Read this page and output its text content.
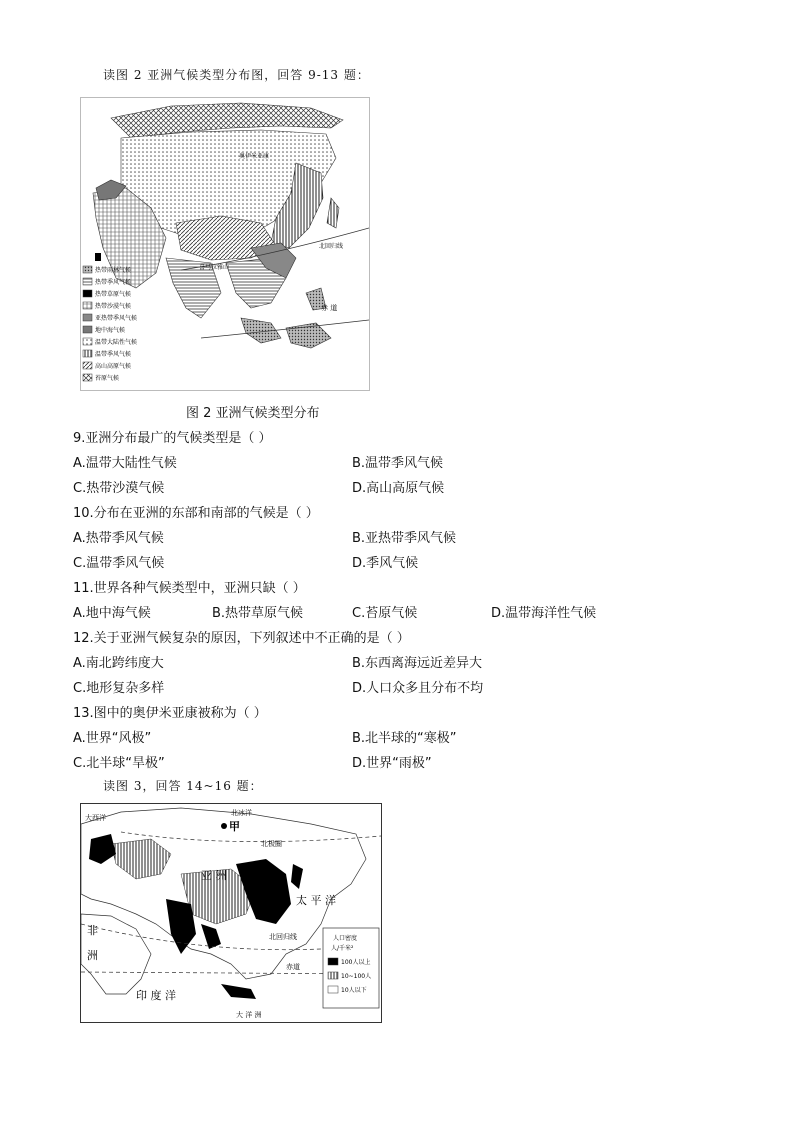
读图 2 亚洲气候类型分布图，回答 9-13 题：
奥伊米亚康
北回归线
赤 道
喜马拉雅山
热带雨林气候
热带季风气候
热带草原气候
热带沙漠气候
亚热带季风气候
地中海气候
温带大陆性气候
温带季风气候
高山高原气候
苔原气候
图 2 亚洲气候类型分布
9.亚洲分布最广的气候类型是（ ）
A.温带大陆性气候	B.温带季风气候
C.热带沙漠气候	D.高山高原气候
10.分布在亚洲的东部和南部的气候是（ ）
A.热带季风气候	B.亚热带季风气候
C.温带季风气候	D.季风气候
11.世界各种气候类型中，亚洲只缺（ ）
A.地中海气候	B.热带草原气候	C.苔原气候	D.温带海洋性气候
12.关于亚洲气候复杂的原因，下列叙述中不正确的是（ ）
A.南北跨纬度大	B.东西离海远近差异大
C.地形复杂多样	D.人口众多且分布不均
13.图中的奥伊米亚康被称为（ ）
A.世界“风极”	B.北半球的“寒极”
C.北半球“旱极”	D.世界“雨极”
读图 3，回答 14~16 题：
北冰洋
大西洋
北极圈
亚 洲
太 平 洋
非
洲
北回归线
赤道
印 度 洋
大 洋 洲
甲
人口密度
人/千米²
100人以上
10~100人
10人以下
